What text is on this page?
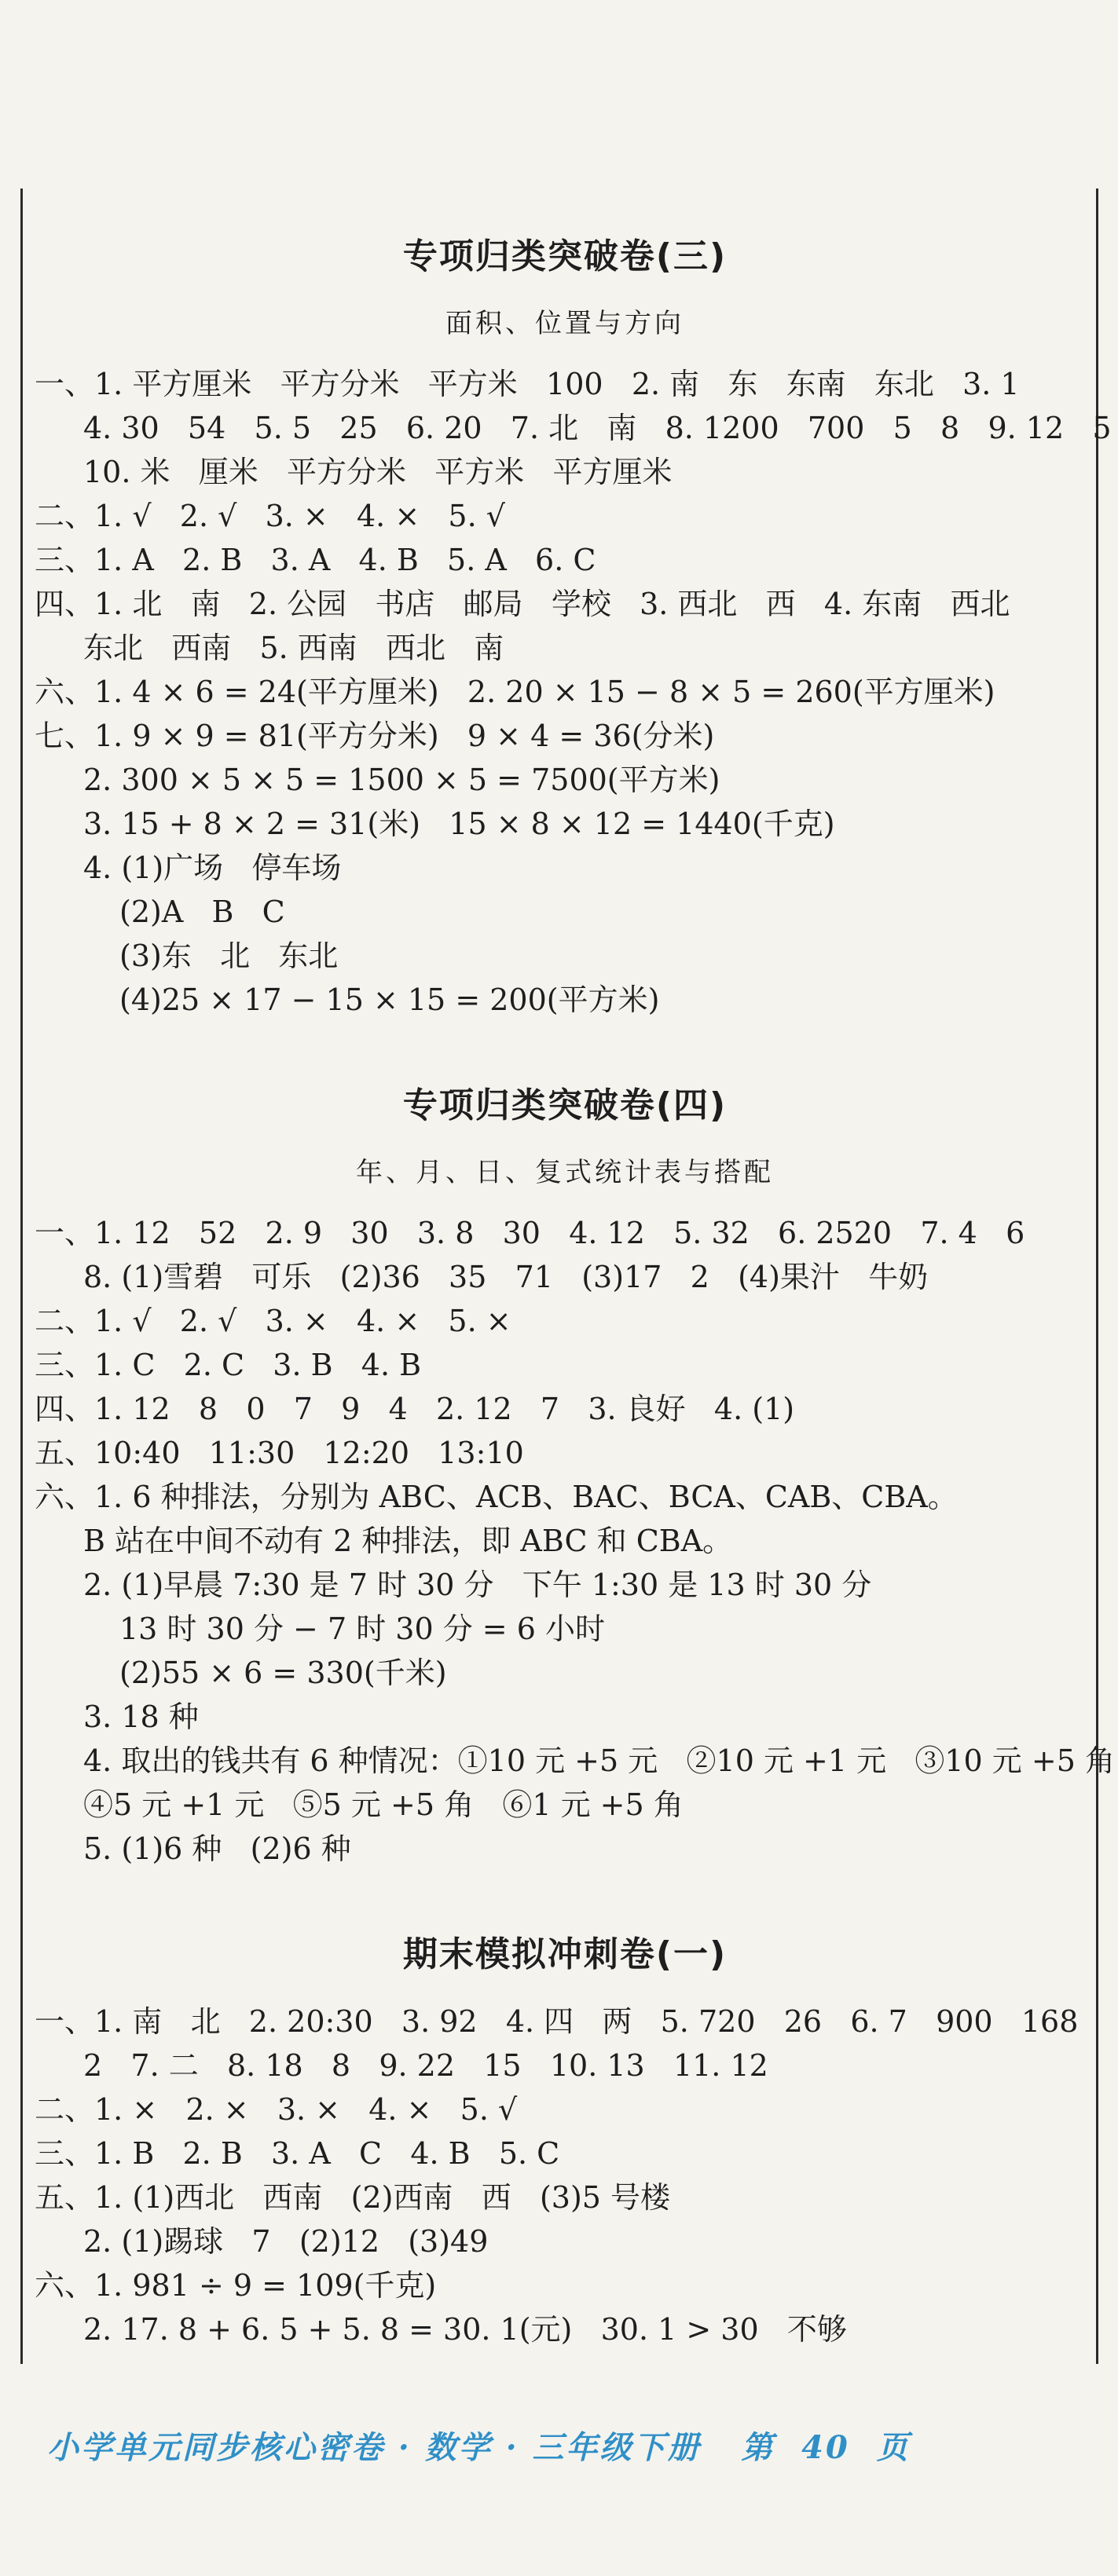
专项归类突破卷(三)
面积、位置与方向
一、1. 平方厘米   平方分米   平方米   100   2. 南   东   东南   东北   3. 1
4. 30   54   5. 5   25   6. 20   7. 北   南   8. 1200   700   5   8   9. 12   5
10. 米   厘米   平方分米   平方米   平方厘米
二、1. √   2. √   3. ×   4. ×   5. √
三、1. A   2. B   3. A   4. B   5. A   6. C
四、1. 北   南   2. 公园   书店   邮局   学校   3. 西北   西   4. 东南   西北
东北   西南   5. 西南   西北   南
六、1. 4 × 6 = 24(平方厘米)   2. 20 × 15 − 8 × 5 = 260(平方厘米)
七、1. 9 × 9 = 81(平方分米)   9 × 4 = 36(分米)
2. 300 × 5 × 5 = 1500 × 5 = 7500(平方米)
3. 15 + 8 × 2 = 31(米)   15 × 8 × 12 = 1440(千克)
4. (1)广场   停车场
(2)A   B   C
(3)东   北   东北
(4)25 × 17 − 15 × 15 = 200(平方米)
专项归类突破卷(四)
年、月、日、复式统计表与搭配
一、1. 12   52   2. 9   30   3. 8   30   4. 12   5. 32   6. 2520   7. 4   6
8. (1)雪碧   可乐   (2)36   35   71   (3)17   2   (4)果汁   牛奶
二、1. √   2. √   3. ×   4. ×   5. ×
三、1. C   2. C   3. B   4. B
四、1. 12   8   0   7   9   4   2. 12   7   3. 良好   4. (1)
五、10:40   11:30   12:20   13:10
六、1. 6 种排法，分别为 ABC、ACB、BAC、BCA、CAB、CBA。
B 站在中间不动有 2 种排法，即 ABC 和 CBA。
2. (1)早晨 7:30 是 7 时 30 分   下午 1:30 是 13 时 30 分
13 时 30 分 − 7 时 30 分 = 6 小时
(2)55 × 6 = 330(千米)
3. 18 种
4. 取出的钱共有 6 种情况：①10 元 +5 元   ②10 元 +1 元   ③10 元 +5 角
④5 元 +1 元   ⑤5 元 +5 角   ⑥1 元 +5 角
5. (1)6 种   (2)6 种
期末模拟冲刺卷(一)
一、1. 南   北   2. 20:30   3. 92   4. 四   两   5. 720   26   6. 7   900   168
2   7. 二   8. 18   8   9. 22   15   10. 13   11. 12
二、1. ×   2. ×   3. ×   4. ×   5. √
三、1. B   2. B   3. A   C   4. B   5. C
五、1. (1)西北   西南   (2)西南   西   (3)5 号楼
2. (1)踢球   7   (2)12   (3)49
六、1. 981 ÷ 9 = 109(千克)
2. 17. 8 + 6. 5 + 5. 8 = 30. 1(元)   30. 1 > 30   不够
小学单元同步核心密卷 · 数学 · 三年级下册   第  40  页
